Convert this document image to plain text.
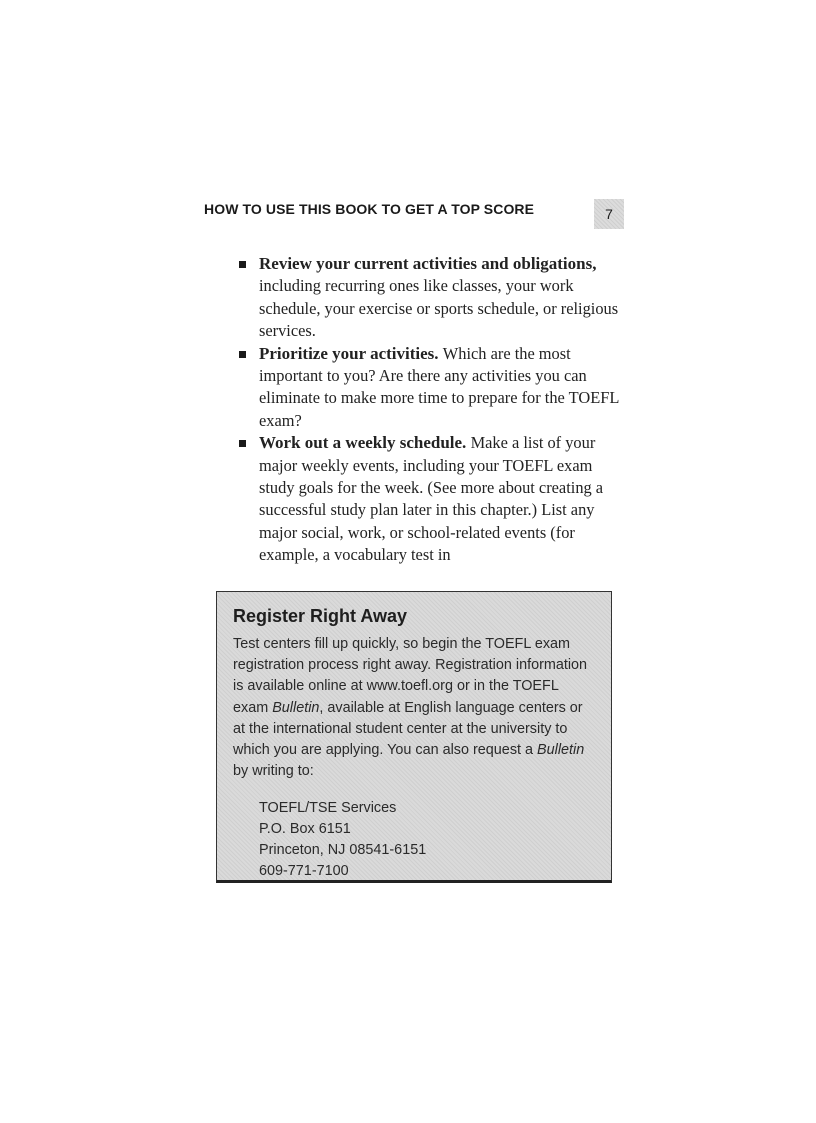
HOW TO USE THIS BOOK TO GET A TOP SCORE	7
Review your current activities and obligations, including recurring ones like classes, your work schedule, your exercise or sports schedule, or religious services.
Prioritize your activities. Which are the most important to you? Are there any activities you can eliminate to make more time to prepare for the TOEFL exam?
Work out a weekly schedule. Make a list of your major weekly events, including your TOEFL exam study goals for the week. (See more about creating a successful study plan later in this chapter.) List any major social, work, or school-related events (for example, a vocabulary test in
Register Right Away

Test centers fill up quickly, so begin the TOEFL exam registration process right away. Registration information is available online at www.toefl.org or in the TOEFL exam Bulletin, available at English language centers or at the international student center at the university to which you are applying. You can also request a Bulletin by writing to:

TOEFL/TSE Services
P.O. Box 6151
Princeton, NJ 08541-6151
609-771-7100
